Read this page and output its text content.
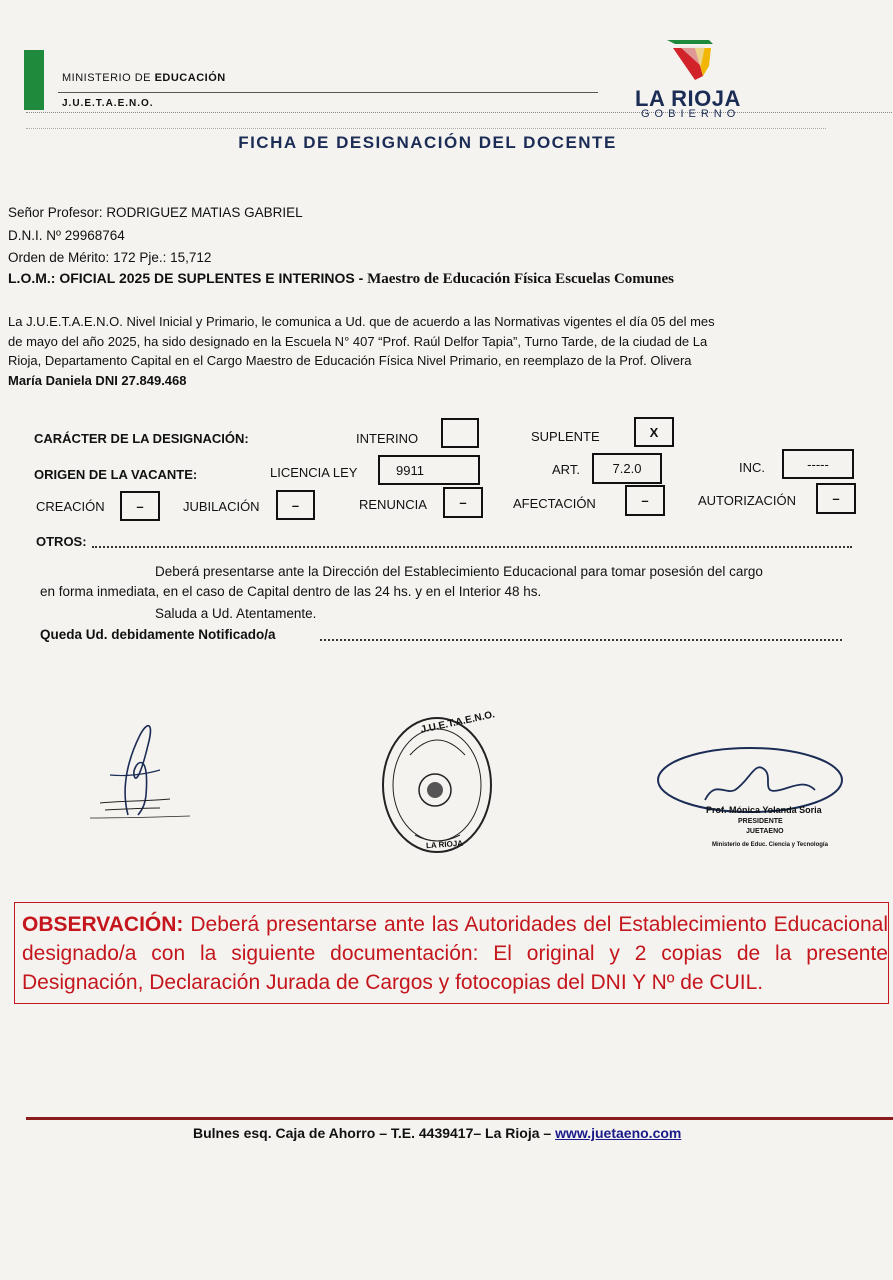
MINISTERIO DE EDUCACIÓN
J.U.E.T.A.E.N.O.	LA RIOJA
GOBIERNO
FICHA DE DESIGNACIÓN DEL DOCENTE
Señor Profesor: RODRIGUEZ MATIAS GABRIEL
D.N.I. Nº 29968764
Orden de Mérito: 172 Pje.: 15,712
L.O.M.: OFICIAL 2025 DE SUPLENTES E INTERINOS - Maestro de Educación Física Escuelas Comunes
La J.U.E.T.A.E.N.O. Nivel Inicial y Primario, le comunica a Ud. que de acuerdo a las Normativas vigentes el día 05 del mes
de mayo del año 2025, ha sido designado en la Escuela N° 407 “Prof. Raúl Delfor Tapia”, Turno Tarde, de la ciudad de La
Rioja, Departamento Capital en el Cargo Maestro de Educación Física Nivel Primario, en reemplazo de la Prof. Olivera
María Daniela DNI 27.849.468
CARÁCTER DE LA DESIGNACIÓN:	INTERINO	SUPLENTE	X
ORIGEN DE LA VACANTE:	LICENCIA LEY	9911	ART.	7.2.0	INC.	-----
CREACIÓN –	JUBILACIÓN –	RENUNCIA –	AFECTACIÓN	–	AUTORIZACIÓN	–
OTROS:
Deberá presentarse ante la Dirección del Establecimiento Educacional para tomar posesión del cargo
en forma inmediata, en el caso de Capital dentro de las 24 hs. y en el Interior 48 hs.
Saluda a Ud. Atentamente.
Queda Ud. debidamente Notificado/a
J.U.E.T.A.E.N.O.
LA RIOJA
Prof. Mónica Yolanda Soria
PRESIDENTE
JUETAENO
Ministerio de Educ. Ciencia y Tecnología
OBSERVACIÓN: Deberá presentarse ante las Autoridades del Establecimiento Educacional designado/a con la siguiente documentación: El original y 2 copias de la presente Designación, Declaración Jurada de Cargos y fotocopias del DNI Y Nº de CUIL.
Bulnes esq. Caja de Ahorro – T.E. 4439417– La Rioja – www.juetaeno.com
